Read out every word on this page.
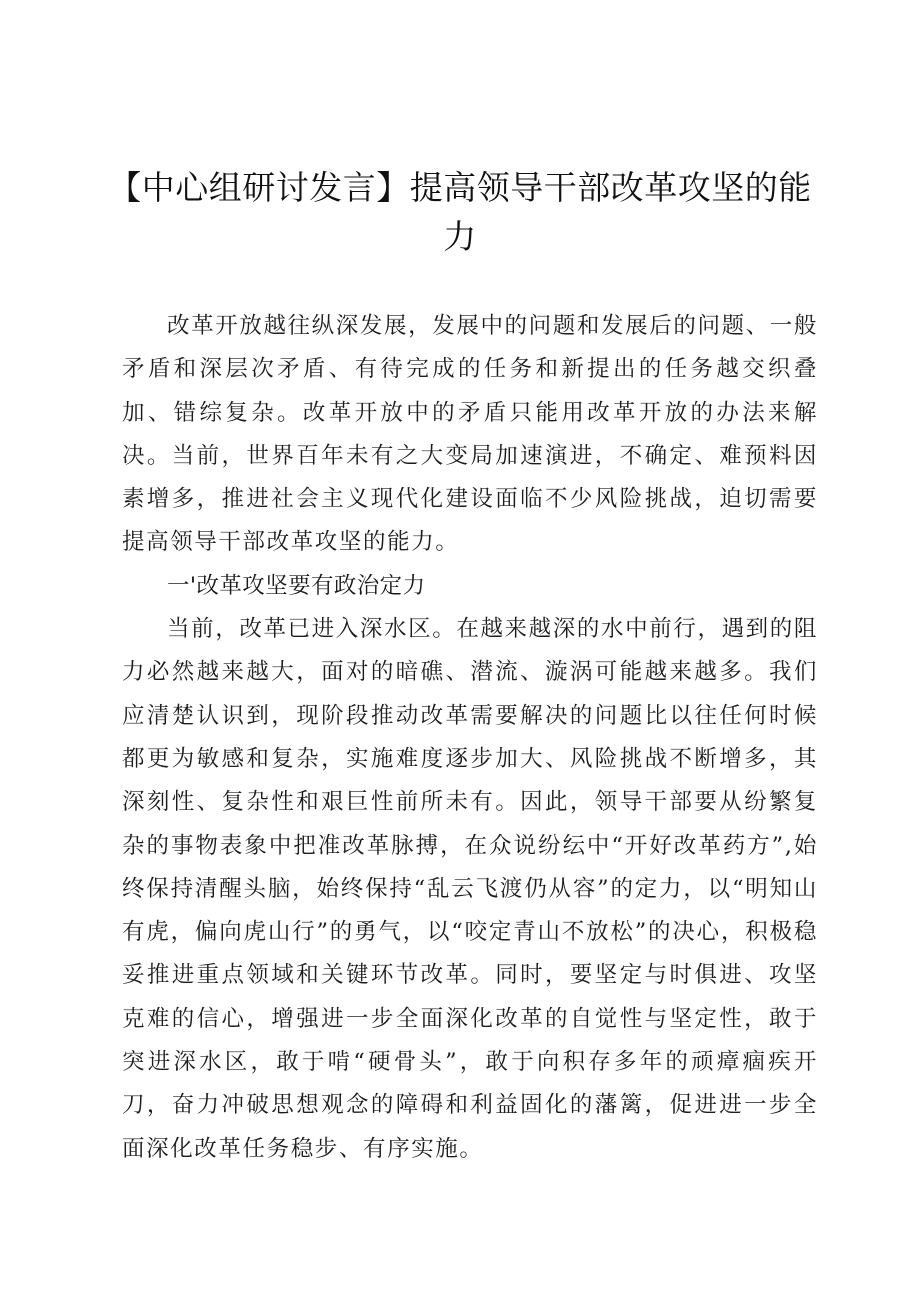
【中心组研讨发言】提高领导干部改革攻坚的能力

改革开放越往纵深发展，发展中的问题和发展后的问题、一般矛盾和深层次矛盾、有待完成的任务和新提出的任务越交织叠加、错综复杂。改革开放中的矛盾只能用改革开放的办法来解决。当前，世界百年未有之大变局加速演进，不确定、难预料因素增多，推进社会主义现代化建设面临不少风险挑战，迫切需要提高领导干部改革攻坚的能力。

一'改革攻坚要有政治定力

当前，改革已进入深水区。在越来越深的水中前行，遇到的阻力必然越来越大，面对的暗礁、潜流、漩涡可能越来越多。我们应清楚认识到，现阶段推动改革需要解决的问题比以往任何时候都更为敏感和复杂，实施难度逐步加大、风险挑战不断增多，其深刻性、复杂性和艰巨性前所未有。因此，领导干部要从纷繁复杂的事物表象中把准改革脉搏，在众说纷纭中“开好改革药方”,始终保持清醒头脑，始终保持“乱云飞渡仍从容”的定力，以“明知山有虎，偏向虎山行”的勇气，以“咬定青山不放松”的决心，积极稳妥推进重点领域和关键环节改革。同时，要坚定与时俱进、攻坚克难的信心，增强进一步全面深化改革的自觉性与坚定性，敢于突进深水区，敢于啃“硬骨头”，敢于向积存多年的顽瘴痼疾开刀，奋力冲破思想观念的障碍和利益固化的藩篱，促进进一步全面深化改革任务稳步、有序实施。
